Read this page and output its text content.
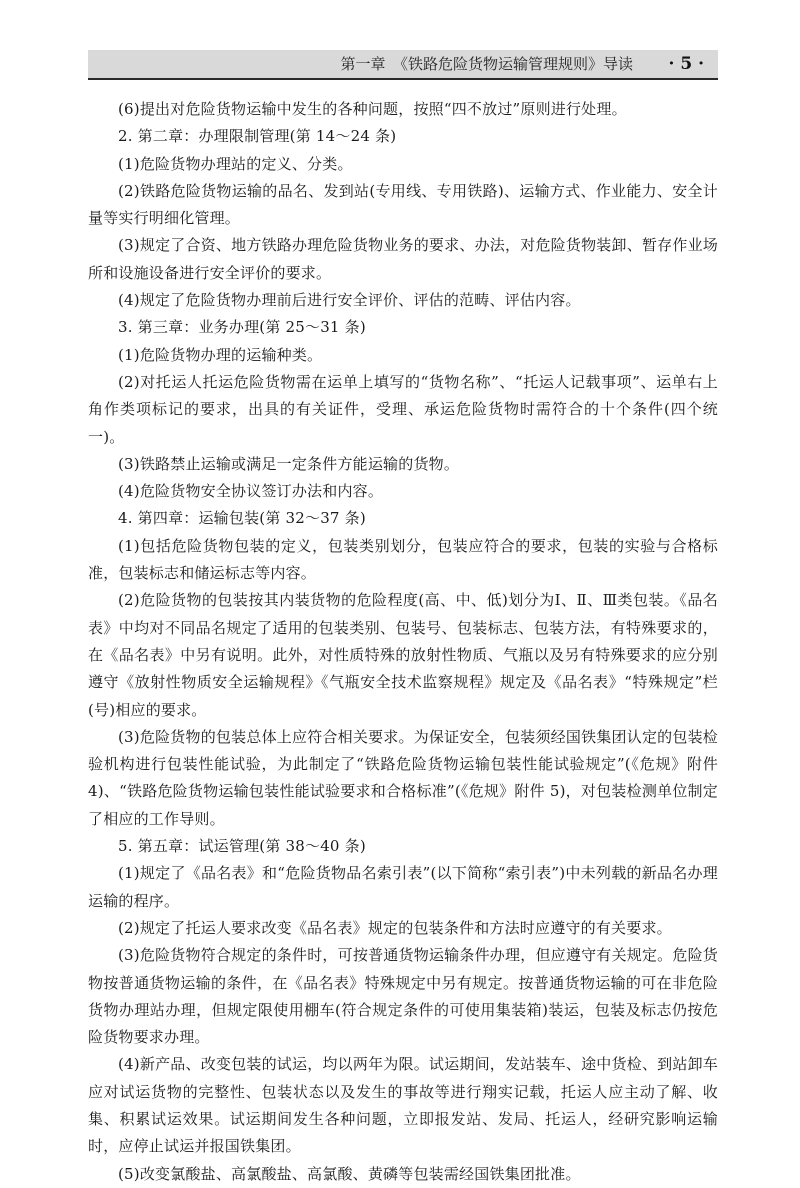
第一章　《铁路危险货物运输管理规则》导读 · 5 ·

(6)提出对危险货物运输中发生的各种问题，按照“四不放过”原则进行处理。

2. 第二章：办理限制管理(第 14～24 条)

(1)危险货物办理站的定义、分类。

(2)铁路危险货物运输的品名、发到站(专用线、专用铁路)、运输方式、作业能力、安全计量等实行明细化管理。

(3)规定了合资、地方铁路办理危险货物业务的要求、办法，对危险货物装卸、暂存作业场所和设施设备进行安全评价的要求。

(4)规定了危险货物办理前后进行安全评价、评估的范畴、评估内容。

3. 第三章：业务办理(第 25～31 条)

(1)危险货物办理的运输种类。

(2)对托运人托运危险货物需在运单上填写的“货物名称”、“托运人记载事项”、运单右上角作类项标记的要求，出具的有关证件，受理、承运危险货物时需符合的十个条件(四个统一)。

(3)铁路禁止运输或满足一定条件方能运输的货物。

(4)危险货物安全协议签订办法和内容。

4. 第四章：运输包装(第 32～37 条)

(1)包括危险货物包装的定义，包装类别划分，包装应符合的要求，包装的实验与合格标准，包装标志和储运标志等内容。

(2)危险货物的包装按其内装货物的危险程度(高、中、低)划分为Ⅰ、Ⅱ、Ⅲ类包装。《品名表》中均对不同品名规定了适用的包装类别、包装号、包装标志、包装方法，有特殊要求的，在《品名表》中另有说明。此外，对性质特殊的放射性物质、气瓶以及另有特殊要求的应分别遵守《放射性物质安全运输规程》《气瓶安全技术监察规程》规定及《品名表》“特殊规定”栏(号)相应的要求。

(3)危险货物的包装总体上应符合相关要求。为保证安全，包装须经国铁集团认定的包装检验机构进行包装性能试验，为此制定了“铁路危险货物运输包装性能试验规定”(《危规》附件 4)、“铁路危险货物运输包装性能试验要求和合格标准”(《危规》附件 5)，对包装检测单位制定了相应的工作导则。

5. 第五章：试运管理(第 38～40 条)

(1)规定了《品名表》和“危险货物品名索引表”(以下简称“索引表”)中未列载的新品名办理运输的程序。

(2)规定了托运人要求改变《品名表》规定的包装条件和方法时应遵守的有关要求。

(3)危险货物符合规定的条件时，可按普通货物运输条件办理，但应遵守有关规定。危险货物按普通货物运输的条件，在《品名表》特殊规定中另有规定。按普通货物运输的可在非危险货物办理站办理，但规定限使用棚车(符合规定条件的可使用集装箱)装运，包装及标志仍按危险货物要求办理。

(4)新产品、改变包装的试运，均以两年为限。试运期间，发站装车、途中货检、到站卸车应对试运货物的完整性、包装状态以及发生的事故等进行翔实记载，托运人应主动了解、收集、积累试运效果。试运期间发生各种问题，立即报发站、发局、托运人，经研究影响运输时，应停止试运并报国铁集团。

(5)改变氯酸盐、高氯酸盐、高氯酸、黄磷等包装需经国铁集团批准。
